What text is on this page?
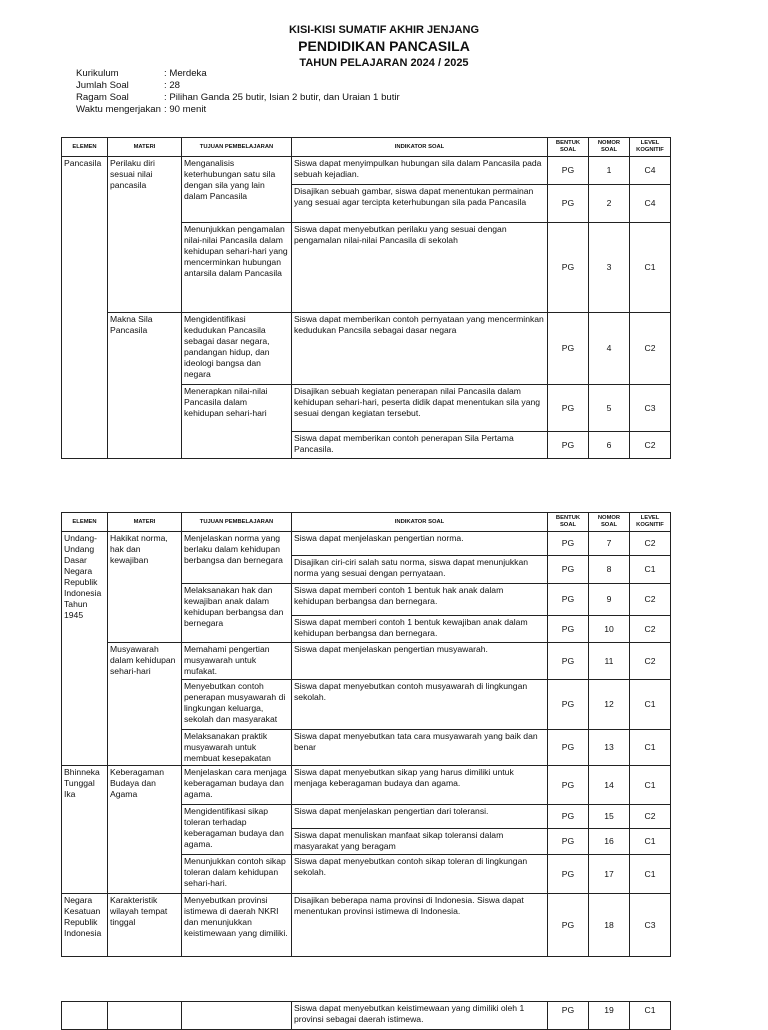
KISI-KISI SUMATIF AKHIR JENJANG
PENDIDIKAN PANCASILA
TAHUN PELAJARAN 2024 / 2025
Kurikulum	: Merdeka
Jumlah Soal	: 28
Ragam Soal	: Pilihan Ganda 25 butir, Isian 2 butir, dan Uraian 1 butir
Waktu mengerjakan : 90 menit
ELEMEN	MATERI	TUJUAN PEMBELAJARAN	INDIKATOR SOAL	BENTUK SOAL	NOMOR SOAL	LEVEL KOGNITIF
Pancasila	Perilaku diri sesuai nilai pancasila	Menganalisis keterhubungan satu sila dengan sila yang lain dalam Pancasila	Siswa dapat menyimpulkan hubungan sila dalam Pancasila pada sebuah kejadian.	PG	1	C4
			Disajikan sebuah gambar, siswa dapat menentukan permainan yang sesuai agar tercipta keterhubungan sila pada Pancasila	PG	2	C4
		Menunjukkan pengamalan nilai-nilai Pancasila dalam kehidupan sehari-hari yang mencerminkan hubungan antarsila dalam Pancasila	Siswa dapat menyebutkan perilaku yang sesuai dengan pengamalan nilai-nilai Pancasila di sekolah	PG	3	C1
	Makna Sila Pancasila	Mengidentifikasi kedudukan Pancasila sebagai dasar negara, pandangan hidup, dan ideologi bangsa dan negara	Siswa dapat memberikan contoh pernyataan yang mencerminkan kedudukan Pancsila sebagai dasar negara	PG	4	C2
		Menerapkan nilai-nilai Pancasila dalam kehidupan sehari-hari	Disajikan sebuah kegiatan penerapan nilai Pancasila dalam kehidupan sehari-hari, peserta didik dapat menentukan sila yang sesuai dengan kegiatan tersebut.	PG	5	C3
			Siswa dapat memberikan contoh penerapan Sila Pertama Pancasila.	PG	6	C2
ELEMEN	MATERI	TUJUAN PEMBELAJARAN	INDIKATOR SOAL	BENTUK SOAL	NOMOR SOAL	LEVEL KOGNITIF
Undang-Undang Dasar Negara Republik Indonesia Tahun 1945	Hakikat norma, hak dan kewajiban	Menjelaskan norma yang berlaku dalam kehidupan berbangsa dan bernegara	Siswa dapat menjelaskan pengertian norma.	PG	7	C2
			Disajikan ciri-ciri salah satu norma, siswa dapat menunjukkan norma yang sesuai dengan pernyataan.	PG	8	C1
		Melaksanakan hak dan kewajiban anak dalam kehidupan berbangsa dan bernegara	Siswa dapat memberi contoh 1 bentuk hak anak dalam kehidupan berbangsa dan bernegara.	PG	9	C2
			Siswa dapat memberi contoh 1 bentuk kewajiban anak dalam kehidupan berbangsa dan bernegara.	PG	10	C2
	Musyawarah dalam kehidupan sehari-hari	Memahami pengertian musyawarah untuk mufakat.	Siswa dapat menjelaskan pengertian musyawarah.	PG	11	C2
		Menyebutkan contoh penerapan musyawarah di lingkungan keluarga, sekolah dan masyarakat	Siswa dapat menyebutkan contoh musyawarah di lingkungan sekolah.	PG	12	C1
		Melaksanakan praktik musyawarah untuk membuat kesepakatan	Siswa dapat menyebutkan tata cara musyawarah yang baik dan benar	PG	13	C1
Bhinneka Tunggal Ika	Keberagaman Budaya dan Agama	Menjelaskan cara menjaga keberagaman budaya dan agama.	Siswa dapat menyebutkan sikap yang harus dimiliki untuk menjaga keberagaman budaya dan agama.	PG	14	C1
		Mengidentifikasi sikap toleran terhadap keberagaman budaya dan agama.	Siswa dapat menjelaskan pengertian dari toleransi.	PG	15	C2
			Siswa dapat menuliskan manfaat sikap toleransi dalam masyarakat yang beragam	PG	16	C1
		Menunjukkan contoh sikap toleran dalam kehidupan sehari-hari.	Siswa dapat menyebutkan contoh sikap toleran di lingkungan sekolah.	PG	17	C1
Negara Kesatuan Republik Indonesia	Karakteristik wilayah tempat tinggal	Menyebutkan provinsi istimewa di daerah NKRI dan menunjukkan keistimewaan yang dimiliki.	Disajikan beberapa nama provinsi di Indonesia. Siswa dapat menentukan provinsi istimewa di Indonesia.	PG	18	C3
			Siswa dapat menyebutkan keistimewaan yang dimiliki oleh 1 provinsi sebagai daerah istimewa.	PG	19	C1
